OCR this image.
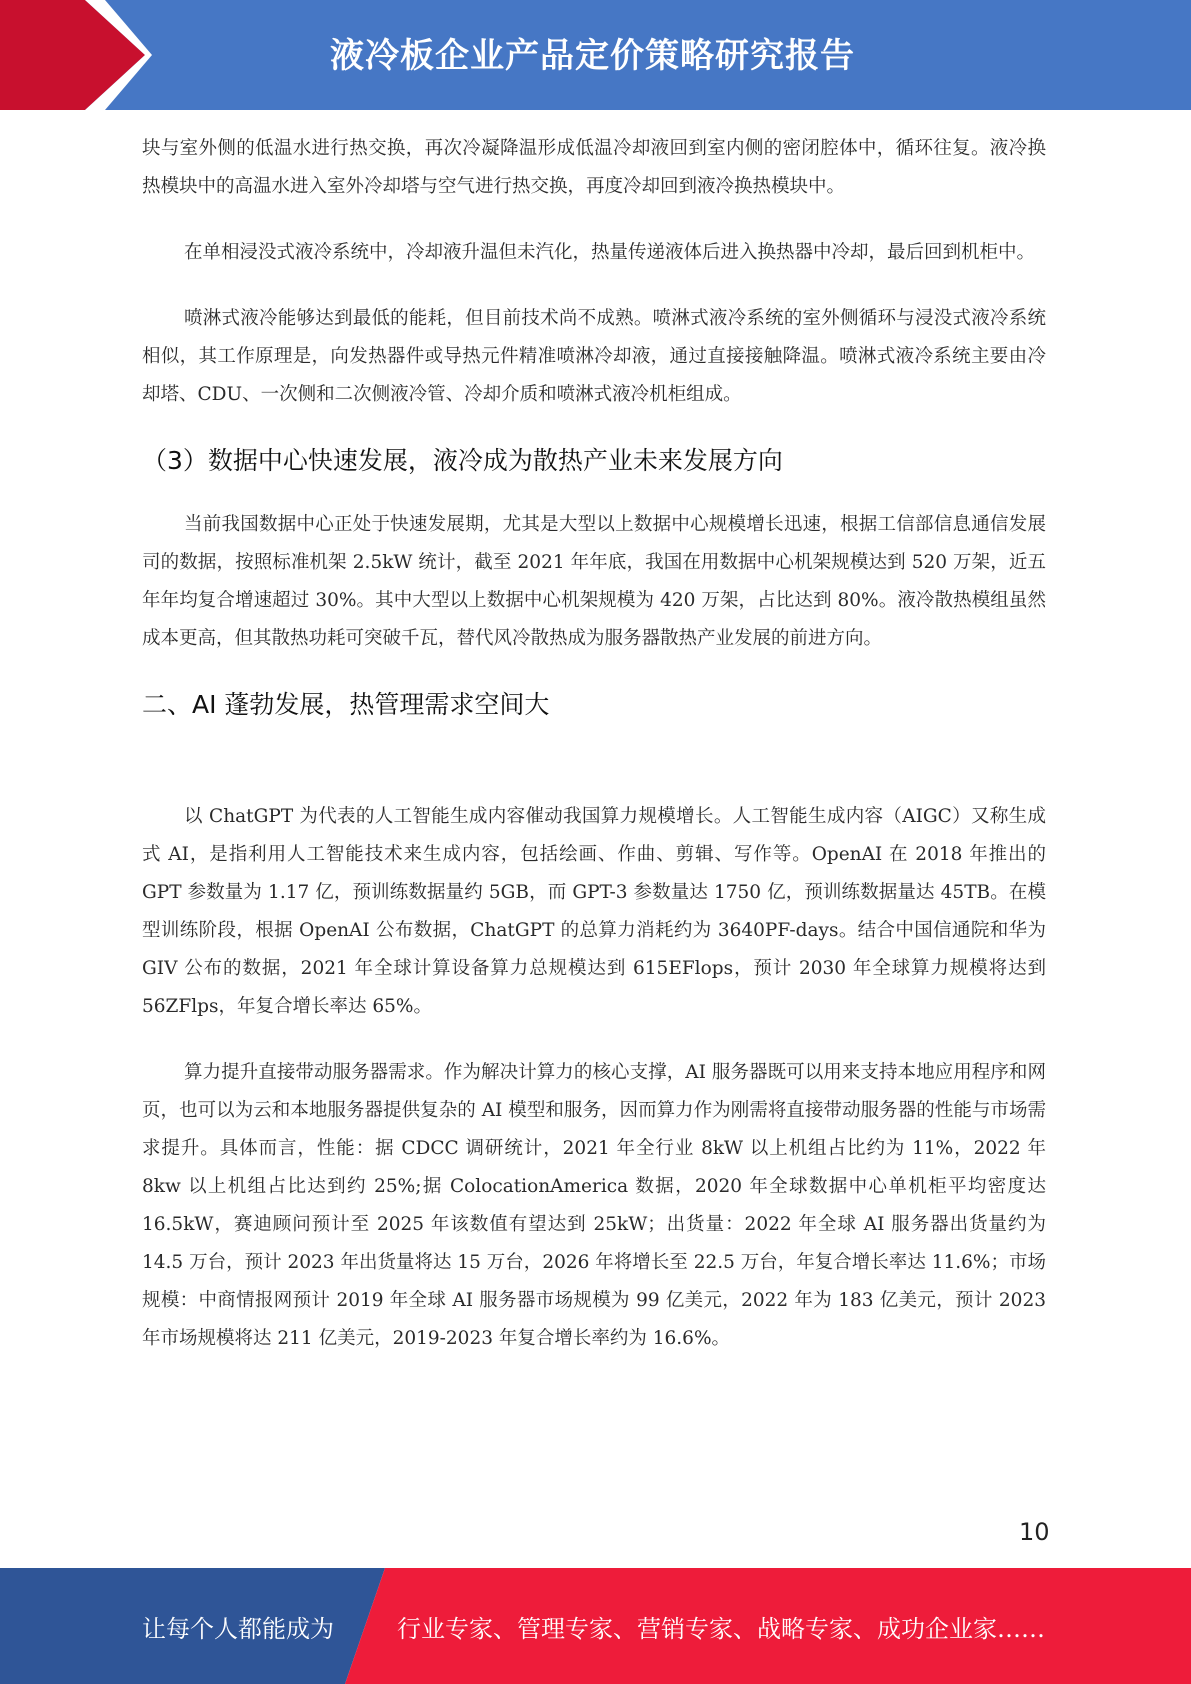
液冷板企业产品定价策略研究报告

块与室外侧的低温水进行热交换，再次冷凝降温形成低温冷却液回到室内侧的密闭腔体中，循环往复。液冷换热模块中的高温水进入室外冷却塔与空气进行热交换，再度冷却回到液冷换热模块中。

在单相浸没式液冷系统中，冷却液升温但未汽化，热量传递液体后进入换热器中冷却，最后回到机柜中。

喷淋式液冷能够达到最低的能耗，但目前技术尚不成熟。喷淋式液冷系统的室外侧循环与浸没式液冷系统相似，其工作原理是，向发热器件或导热元件精准喷淋冷却液，通过直接接触降温。喷淋式液冷系统主要由冷却塔、CDU、一次侧和二次侧液冷管、冷却介质和喷淋式液冷机柜组成。

（3）数据中心快速发展，液冷成为散热产业未来发展方向

当前我国数据中心正处于快速发展期，尤其是大型以上数据中心规模增长迅速，根据工信部信息通信发展司的数据，按照标准机架 2.5kW 统计，截至 2021 年年底，我国在用数据中心机架规模达到 520 万架，近五年年均复合增速超过 30%。其中大型以上数据中心机架规模为 420 万架，占比达到 80%。液冷散热模组虽然成本更高，但其散热功耗可突破千瓦，替代风冷散热成为服务器散热产业发展的前进方向。

二、AI 蓬勃发展，热管理需求空间大

以 ChatGPT 为代表的人工智能生成内容催动我国算力规模增长。人工智能生成内容（AIGC）又称生成式 AI，是指利用人工智能技术来生成内容，包括绘画、作曲、剪辑、写作等。OpenAI 在 2018 年推出的 GPT 参数量为 1.17 亿，预训练数据量约 5GB，而 GPT-3 参数量达 1750 亿，预训练数据量达 45TB。在模型训练阶段，根据 OpenAI 公布数据，ChatGPT 的总算力消耗约为 3640PF-days。结合中国信通院和华为 GIV 公布的数据，2021 年全球计算设备算力总规模达到 615EFlops，预计 2030 年全球算力规模将达到 56ZFlps，年复合增长率达 65%。

算力提升直接带动服务器需求。作为解决计算力的核心支撑，AI 服务器既可以用来支持本地应用程序和网页，也可以为云和本地服务器提供复杂的 AI 模型和服务，因而算力作为刚需将直接带动服务器的性能与市场需求提升。具体而言，性能：据 CDCC 调研统计，2021 年全行业 8kW 以上机组占比约为 11%，2022 年 8kw 以上机组占比达到约 25%;据 ColocationAmerica 数据，2020 年全球数据中心单机柜平均密度达 16.5kW，赛迪顾问预计至 2025 年该数值有望达到 25kW；出货量：2022 年全球 AI 服务器出货量约为 14.5 万台，预计 2023 年出货量将达 15 万台，2026 年将增长至 22.5 万台，年复合增长率达 11.6%；市场规模：中商情报网预计 2019 年全球 AI 服务器市场规模为 99 亿美元，2022 年为 183 亿美元，预计 2023 年市场规模将达 211 亿美元，2019-2023 年复合增长率约为 16.6%。

10
让每个人都能成为	行业专家、管理专家、营销专家、战略专家、成功企业家……
